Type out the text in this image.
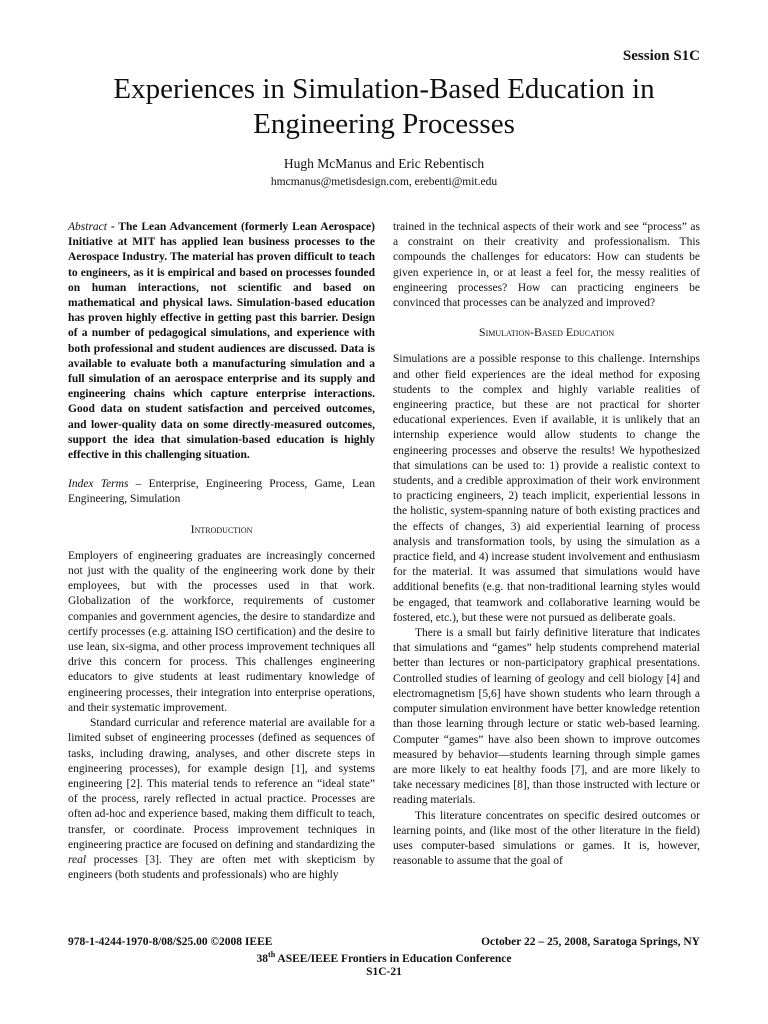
Session S1C
Experiences in Simulation-Based Education in Engineering Processes
Hugh McManus and Eric Rebentisch
hmcmanus@metisdesign.com, erebenti@mit.edu

Abstract - The Lean Advancement (formerly Lean Aerospace) Initiative at MIT has applied lean business processes to the Aerospace Industry. The material has proven difficult to teach to engineers, as it is empirical and based on processes founded on human interactions, not scientific and based on mathematical and physical laws. Simulation-based education has proven highly effective in getting past this barrier. Design of a number of pedagogical simulations, and experience with both professional and student audiences are discussed. Data is available to evaluate both a manufacturing simulation and a full simulation of an aerospace enterprise and its supply and engineering chains which capture enterprise interactions. Good data on student satisfaction and perceived outcomes, and lower-quality data on some directly-measured outcomes, support the idea that simulation-based education is highly effective in this challenging situation.

Index Terms – Enterprise, Engineering Process, Game, Lean Engineering, Simulation

Introduction

Employers of engineering graduates are increasingly concerned not just with the quality of the engineering work done by their employees, but with the processes used in that work. Globalization of the workforce, requirements of customer companies and government agencies, the desire to standardize and certify processes (e.g. attaining ISO certification) and the desire to use lean, six-sigma, and other process improvement techniques all drive this concern for process. This challenges engineering educators to give students at least rudimentary knowledge of engineering processes, their integration into enterprise operations, and their systematic improvement.

Standard curricular and reference material are available for a limited subset of engineering processes (defined as sequences of tasks, including drawing, analyses, and other discrete steps in engineering processes), for example design [1], and systems engineering [2]. This material tends to reference an “ideal state” of the process, rarely reflected in actual practice. Processes are often ad-hoc and experience based, making them difficult to teach, transfer, or coordinate. Process improvement techniques in engineering practice are focused on defining and standardizing the real processes [3]. They are often met with skepticism by engineers (both students and professionals) who are highly

trained in the technical aspects of their work and see “process” as a constraint on their creativity and professionalism. This compounds the challenges for educators: How can students be given experience in, or at least a feel for, the messy realities of engineering processes? How can practicing engineers be convinced that processes can be analyzed and improved?

Simulation-Based Education

Simulations are a possible response to this challenge. Internships and other field experiences are the ideal method for exposing students to the complex and highly variable realities of engineering practice, but these are not practical for shorter educational experiences. Even if available, it is unlikely that an internship experience would allow students to change the engineering processes and observe the results! We hypothesized that simulations can be used to: 1) provide a realistic context to students, and a credible approximation of their work environment to practicing engineers, 2) teach implicit, experiential lessons in the holistic, system-spanning nature of both existing practices and the effects of changes, 3) aid experiential learning of process analysis and transformation tools, by using the simulation as a practice field, and 4) increase student involvement and enthusiasm for the material. It was assumed that simulations would have additional benefits (e.g. that non-traditional learning styles would be engaged, that teamwork and collaborative learning would be fostered, etc.), but these were not pursued as deliberate goals.

There is a small but fairly definitive literature that indicates that simulations and “games” help students comprehend material better than lectures or non-participatory graphical presentations. Controlled studies of learning of geology and cell biology [4] and electromagnetism [5,6] have shown students who learn through a computer simulation environment have better knowledge retention than those learning through lecture or static web-based learning. Computer “games” have also been shown to improve outcomes measured by behavior—students learning through simple games are more likely to eat healthy foods [7], and are more likely to take necessary medicines [8], than those instructed with lecture or reading materials.

This literature concentrates on specific desired outcomes or learning points, and (like most of the other literature in the field) uses computer-based simulations or games. It is, however, reasonable to assume that the goal of

978-1-4244-1970-8/08/$25.00 ©2008 IEEE	October 22 – 25, 2008, Saratoga Springs, NY
38th ASEE/IEEE Frontiers in Education Conference
S1C-21
